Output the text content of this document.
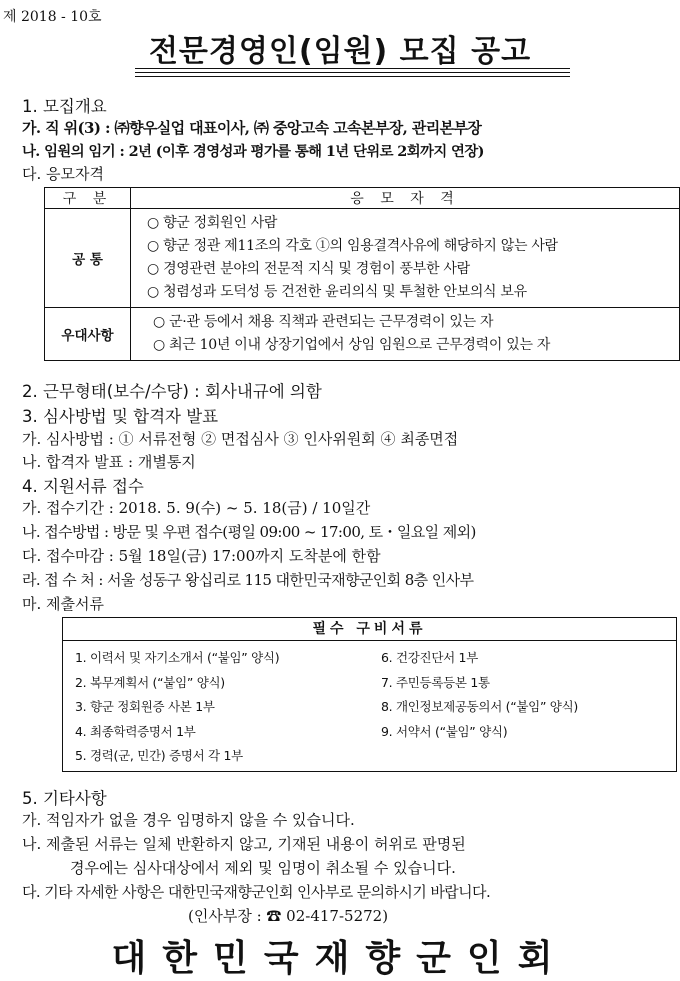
제 2018 - 10호
전문경영인(임원) 모집 공고
1. 모집개요
가. 직 위(3) : ㈜향우실업 대표이사, ㈜ 중앙고속 고속본부장, 관리본부장
나. 임원의 임기 : 2년 (이후 경영성과 평가를 통해 1년 단위로 2회까지 연장)
다. 응모자격
구 분	응 모 자 격
공 통	○ 향군 정회원인 사람
○ 향군 정관 제11조의 각호 ①의 임용결격사유에 해당하지 않는 사람
○ 경영관련 분야의 전문적 지식 및 경험이 풍부한 사람
○ 청렴성과 도덕성 등 건전한 윤리의식 및 투철한 안보의식 보유

우대사항	○ 군·관 등에서 채용 직책과 관련되는 근무경력이 있는 자
○ 최근 10년 이내 상장기업에서 상임 임원으로 근무경력이 있는 자
2. 근무형태(보수/수당) : 회사내규에 의함
3. 심사방법 및 합격자 발표
가. 심사방법 : ① 서류전형 ② 면접심사 ③ 인사위원회 ④ 최종면접
나. 합격자 발표 : 개별통지
4. 지원서류 접수
가. 접수기간 : 2018. 5. 9(수) ~ 5. 18(금) / 10일간
나. 접수방법 : 방문 및 우편 접수(평일 09:00 ~ 17:00, 토・일요일 제외)
다. 접수마감 : 5월 18일(금) 17:00까지 도착분에 한함
라. 접 수 처 : 서울 성동구 왕십리로 115 대한민국재향군인회 8층 인사부
마. 제출서류
필수 구비서류
1. 이력서 및 자기소개서 (“붙임” 양식)
2. 복무계획서 (“붙임” 양식)
3. 향군 정회원증 사본 1부
4. 최종학력증명서 1부
5. 경력(군, 민간) 증명서 각 1부
6. 건강진단서 1부
7. 주민등록등본 1통
8. 개인정보제공동의서 (“붙임” 양식)
9. 서약서 (“붙임” 양식)
5. 기타사항
가. 적임자가 없을 경우 임명하지 않을 수 있습니다.
나. 제출된 서류는 일체 반환하지 않고, 기재된 내용이 허위로 판명된
경우에는 심사대상에서 제외 및 임명이 취소될 수 있습니다.
다. 기타 자세한 사항은 대한민국재향군인회 인사부로 문의하시기 바랍니다.
(인사부장 : ☎ 02-417-5272)
대한민국재향군인회
